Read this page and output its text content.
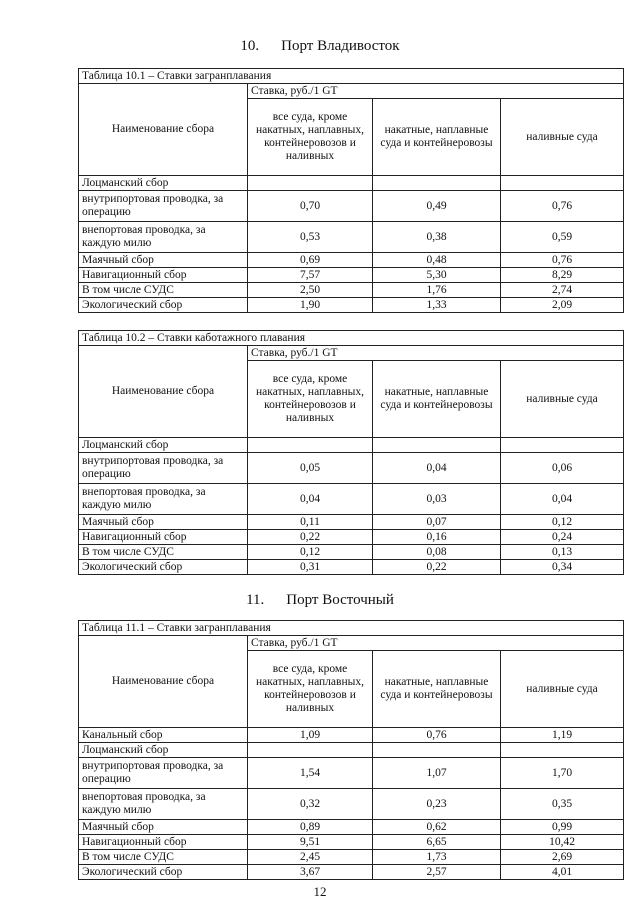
10. Порт Владивосток
Таблица 10.1 – Ставки загранплавания			
Наименование сбора	Ставка, руб./1 GT		
	все суда, кроме накатных, наплавных, контейнеровозов и наливных	накатные, наплавные суда и контейнеровозы	наливные суда
Лоцманский сбор			
внутрипортовая проводка, за операцию	0,70	0,49	0,76
внепортовая проводка, за каждую милю	0,53	0,38	0,59
Маячный сбор	0,69	0,48	0,76
Навигационный сбор	7,57	5,30	8,29
В том числе СУДС	2,50	1,76	2,74
Экологический сбор	1,90	1,33	2,09
Таблица 10.2 – Ставки каботажного плавания			
Наименование сбора	Ставка, руб./1 GT		
	все суда, кроме накатных, наплавных, контейнеровозов и наливных	накатные, наплавные суда и контейнеровозы	наливные суда
Лоцманский сбор			
внутрипортовая проводка, за операцию	0,05	0,04	0,06
внепортовая проводка, за каждую милю	0,04	0,03	0,04
Маячный сбор	0,11	0,07	0,12
Навигационный сбор	0,22	0,16	0,24
В том числе СУДС	0,12	0,08	0,13
Экологический сбор	0,31	0,22	0,34
11. Порт Восточный
Таблица 11.1 – Ставки загранплавания			
Наименование сбора	Ставка, руб./1 GT		
	все суда, кроме накатных, наплавных, контейнеровозов и наливных	накатные, наплавные суда и контейнеровозы	наливные суда
Канальный сбор	1,09	0,76	1,19
Лоцманский сбор			
внутрипортовая проводка, за операцию	1,54	1,07	1,70
внепортовая проводка, за каждую милю	0,32	0,23	0,35
Маячный сбор	0,89	0,62	0,99
Навигационный сбор	9,51	6,65	10,42
В том числе СУДС	2,45	1,73	2,69
Экологический сбор	3,67	2,57	4,01
12
